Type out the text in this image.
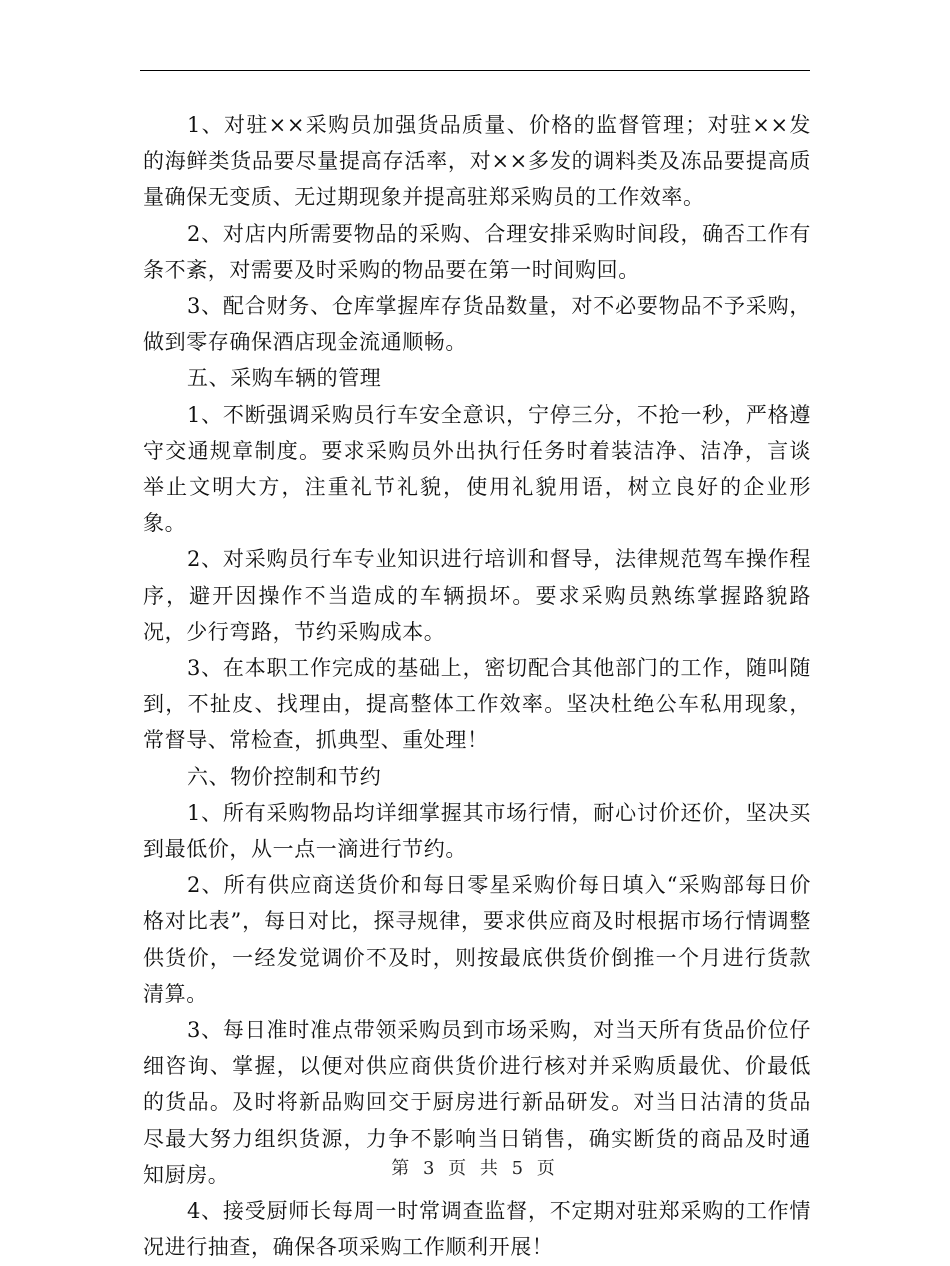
1、对驻××采购员加强货品质量、价格的监督管理；对驻××发的海鲜类货品要尽量提高存活率，对××多发的调料类及冻品要提高质量确保无变质、无过期现象并提高驻郑采购员的工作效率。

2、对店内所需要物品的采购、合理安排采购时间段，确否工作有条不紊，对需要及时采购的物品要在第一时间购回。

3、配合财务、仓库掌握库存货品数量，对不必要物品不予采购，做到零存确保酒店现金流通顺畅。

五、采购车辆的管理

1、不断强调采购员行车安全意识，宁停三分，不抢一秒，严格遵守交通规章制度。要求采购员外出执行任务时着装洁净、洁净，言谈举止文明大方，注重礼节礼貌，使用礼貌用语，树立良好的企业形象。

2、对采购员行车专业知识进行培训和督导，法律规范驾车操作程序，避开因操作不当造成的车辆损坏。要求采购员熟练掌握路貌路况，少行弯路，节约采购成本。

3、在本职工作完成的基础上，密切配合其他部门的工作，随叫随到，不扯皮、找理由，提高整体工作效率。坚决杜绝公车私用现象，常督导、常检查，抓典型、重处理！

六、物价控制和节约

1、所有采购物品均详细掌握其市场行情，耐心讨价还价，坚决买到最低价，从一点一滴进行节约。

2、所有供应商送货价和每日零星采购价每日填入“采购部每日价格对比表”，每日对比，探寻规律，要求供应商及时根据市场行情调整供货价，一经发觉调价不及时，则按最底供货价倒推一个月进行货款清算。

3、每日准时准点带领采购员到市场采购，对当天所有货品价位仔细咨询、掌握，以便对供应商供货价进行核对并采购质最优、价最低的货品。及时将新品购回交于厨房进行新品研发。对当日沽清的货品尽最大努力组织货源，力争不影响当日销售，确实断货的商品及时通知厨房。

4、接受厨师长每周一时常调查监督，不定期对驻郑采购的工作情况进行抽查，确保各项采购工作顺利开展！

第 3 页 共 5 页
